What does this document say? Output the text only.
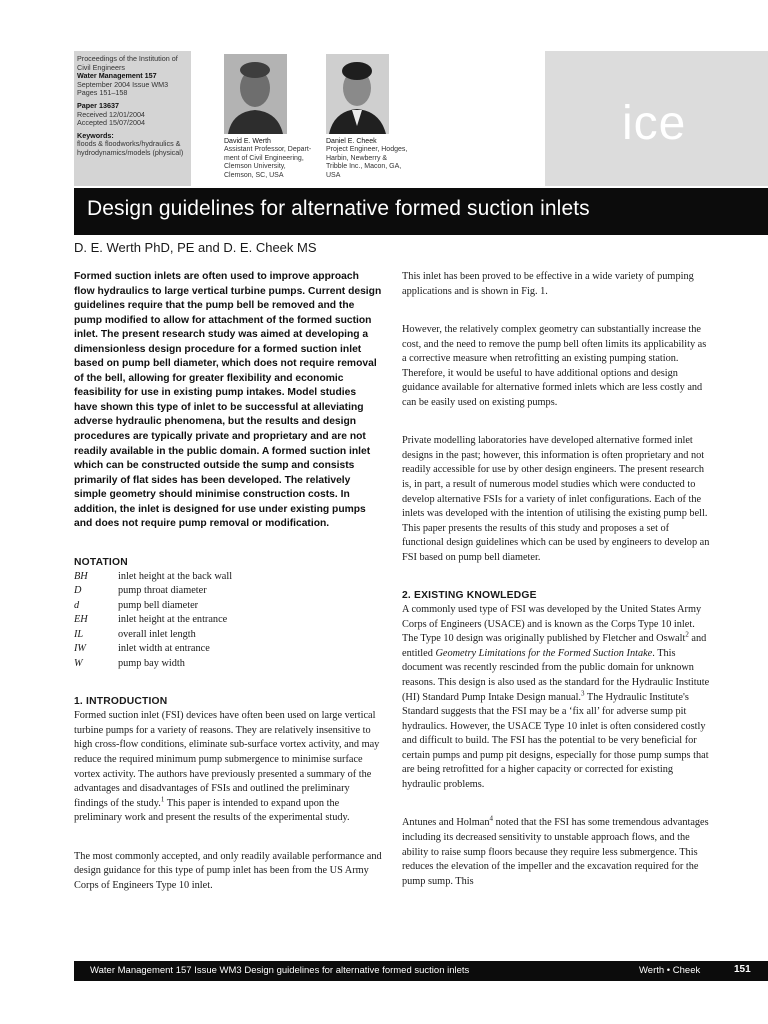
Proceedings of the Institution of
Civil Engineers
Water Management 157
September 2004 Issue WM3
Pages 151–158
Paper 13637
Received 12/01/2004
Accepted 15/07/2004
Keywords:
floods & floodworks/hydraulics &
hydrodynamics/models (physical)
ice
David E. Werth
Assistant Professor, Depart-
ment of Civil Engineering,
Clemson University,
Clemson, SC, USA
Daniel E. Cheek
Project Engineer, Hodges,
Harbin, Newberry &
Tribble Inc., Macon, GA,
USA
Design guidelines for alternative formed suction inlets
D. E. Werth PhD, PE and D. E. Cheek MS

Formed suction inlets are often used to improve approach flow hydraulics to large vertical turbine pumps. Current design guidelines require that the pump bell be removed and the pump modified to allow for attachment of the formed suction inlet. The present research study was aimed at developing a dimensionless design procedure for a formed suction inlet based on pump bell diameter, which does not require removal of the bell, allowing for greater flexibility and economic feasibility for use in existing pump intakes. Model studies have shown this type of inlet to be successful at alleviating adverse hydraulic phenomena, but the results and design procedures are typically private and proprietary and are not readily available in the public domain. A formed suction inlet which can be constructed outside the sump and consists primarily of flat sides has been developed. The relatively simple geometry should minimise construction costs. In addition, the inlet is designed for use under existing pumps and does not require pump removal or modification.

NOTATION
BH	inlet height at the back wall
D	pump throat diameter
d	pump bell diameter
EH	inlet height at the entrance
IL	overall inlet length
IW	inlet width at entrance
W	pump bay width
1. INTRODUCTION

Formed suction inlet (FSI) devices have often been used on large vertical turbine pumps for a variety of reasons. They are relatively insensitive to high cross-flow conditions, eliminate sub-surface vortex activity, and may reduce the required minimum pump submergence to minimise surface vortex activity. The authors have previously presented a summary of the advantages and disadvantages of FSIs and outlined the preliminary findings of the study.$^1$ This paper is intended to expand upon the preliminary work and present the results of the experimental study.

The most commonly accepted, and only readily available performance and design guidance for this type of pump inlet has been from the US Army Corps of Engineers Type 10 inlet.

This inlet has been proved to be effective in a wide variety of pumping applications and is shown in Fig. 1.

However, the relatively complex geometry can substantially increase the cost, and the need to remove the pump bell often limits its applicability as a corrective measure when retrofitting an existing pumping station. Therefore, it would be useful to have additional options and design guidance available for alternative formed inlets which are less costly and can be easily used on existing pumps.

Private modelling laboratories have developed alternative formed inlet designs in the past; however, this information is often proprietary and not readily accessible for use by other design engineers. The present research is, in part, a result of numerous model studies which were conducted to develop alternative FSIs for a variety of inlet configurations. Each of the inlets was developed with the intention of utilising the existing pump bell. This paper presents the results of this study and proposes a set of functional design guidelines which can be used by engineers to develop an FSI based on pump bell diameter.

2. EXISTING KNOWLEDGE

A commonly used type of FSI was developed by the United States Army Corps of Engineers (USACE) and is known as the Corps Type 10 inlet. The Type 10 design was originally published by Fletcher and Oswalt$^2$ and entitled Geometry Limitations for the Formed Suction Intake. This document was recently rescinded from the public domain for unknown reasons. This design is also used as the standard for the Hydraulic Institute (HI) Standard Pump Intake Design manual.$^3$ The Hydraulic Institute's Standard suggests that the FSI may be a ‘fix all’ for adverse sump pit hydraulics. However, the USACE Type 10 inlet is often considered costly and difficult to build. The FSI has the potential to be very beneficial for certain pumps and pump pit designs, especially for those pump sumps that are being retrofitted for a higher capacity or corrected for existing hydraulic problems.

Antunes and Holman$^4$ noted that the FSI has some tremendous advantages including its decreased sensitivity to unstable approach flows, and the ability to raise sump floors because they require less submergence. This reduces the elevation of the impeller and the excavation required for the pump sump. This

Water Management 157 Issue WM3 Design guidelines for alternative formed suction inlets	Werth • Cheek	151
